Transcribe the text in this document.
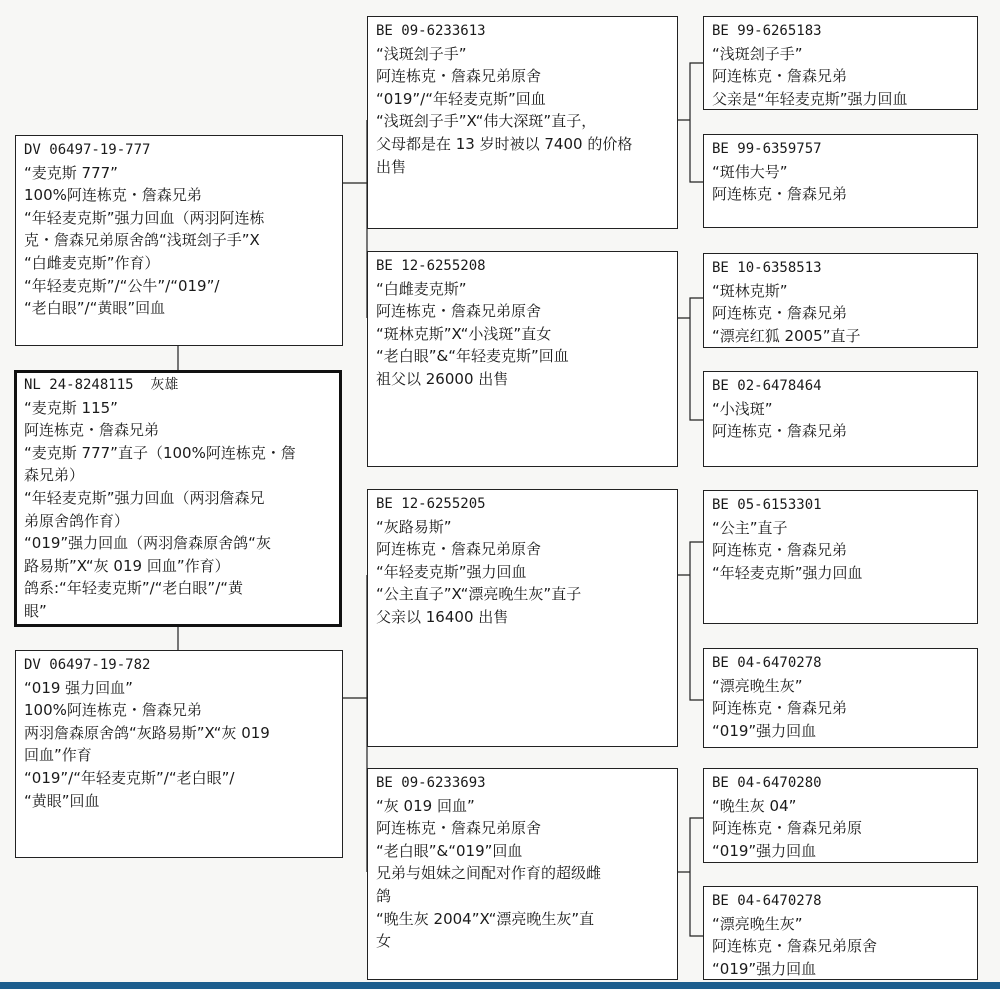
DV 06497-19-777
“麦克斯 777”
100%阿连栋克・詹森兄弟
“年轻麦克斯”强力回血（两羽阿连栋
克・詹森兄弟原舍鸽“浅斑刽子手”X
“白雌麦克斯”作育）
“年轻麦克斯”/“公牛”/“019”/
“老白眼”/“黄眼”回血
NL 24-8248115  灰雄
“麦克斯 115”
阿连栋克・詹森兄弟
“麦克斯 777”直子（100%阿连栋克・詹
森兄弟）
“年轻麦克斯”强力回血（两羽詹森兄
弟原舍鸽作育）
“019”强力回血（两羽詹森原舍鸽“灰
路易斯”X“灰 019 回血”作育）
鸽系:“年轻麦克斯”/“老白眼”/“黄
眼”
DV 06497-19-782
“019 强力回血”
100%阿连栋克・詹森兄弟
两羽詹森原舍鸽“灰路易斯”X“灰 019
回血”作育
“019”/“年轻麦克斯”/“老白眼”/
“黄眼”回血
BE 09-6233613
“浅斑刽子手”
阿连栋克・詹森兄弟原舍
“019”/“年轻麦克斯”回血
“浅斑刽子手”X“伟大深斑”直子，
父母都是在 13 岁时被以 7400 的价格
出售
BE 12-6255208
“白雌麦克斯”
阿连栋克・詹森兄弟原舍
“斑林克斯”X“小浅斑”直女
“老白眼”&“年轻麦克斯”回血
祖父以 26000 出售
BE 12-6255205
“灰路易斯”
阿连栋克・詹森兄弟原舍
“年轻麦克斯”强力回血
“公主直子”X“漂亮晚生灰”直子
父亲以 16400 出售
BE 09-6233693
“灰 019 回血”
阿连栋克・詹森兄弟原舍
“老白眼”&“019”回血
兄弟与姐妹之间配对作育的超级雌
鸽
“晚生灰 2004”X“漂亮晚生灰”直
女
BE 99-6265183
“浅斑刽子手”
阿连栋克・詹森兄弟
父亲是“年轻麦克斯”强力回血
BE 99-6359757
“斑伟大号”
阿连栋克・詹森兄弟
BE 10-6358513
“斑林克斯”
阿连栋克・詹森兄弟
“漂亮红狐 2005”直子
BE 02-6478464
“小浅斑”
阿连栋克・詹森兄弟
BE 05-6153301
“公主”直子
阿连栋克・詹森兄弟
“年轻麦克斯”强力回血
BE 04-6470278
“漂亮晚生灰”
阿连栋克・詹森兄弟
“019”强力回血
BE 04-6470280
“晚生灰 04”
阿连栋克・詹森兄弟原
“019”强力回血
BE 04-6470278
“漂亮晚生灰”
阿连栋克・詹森兄弟原舍
“019”强力回血
